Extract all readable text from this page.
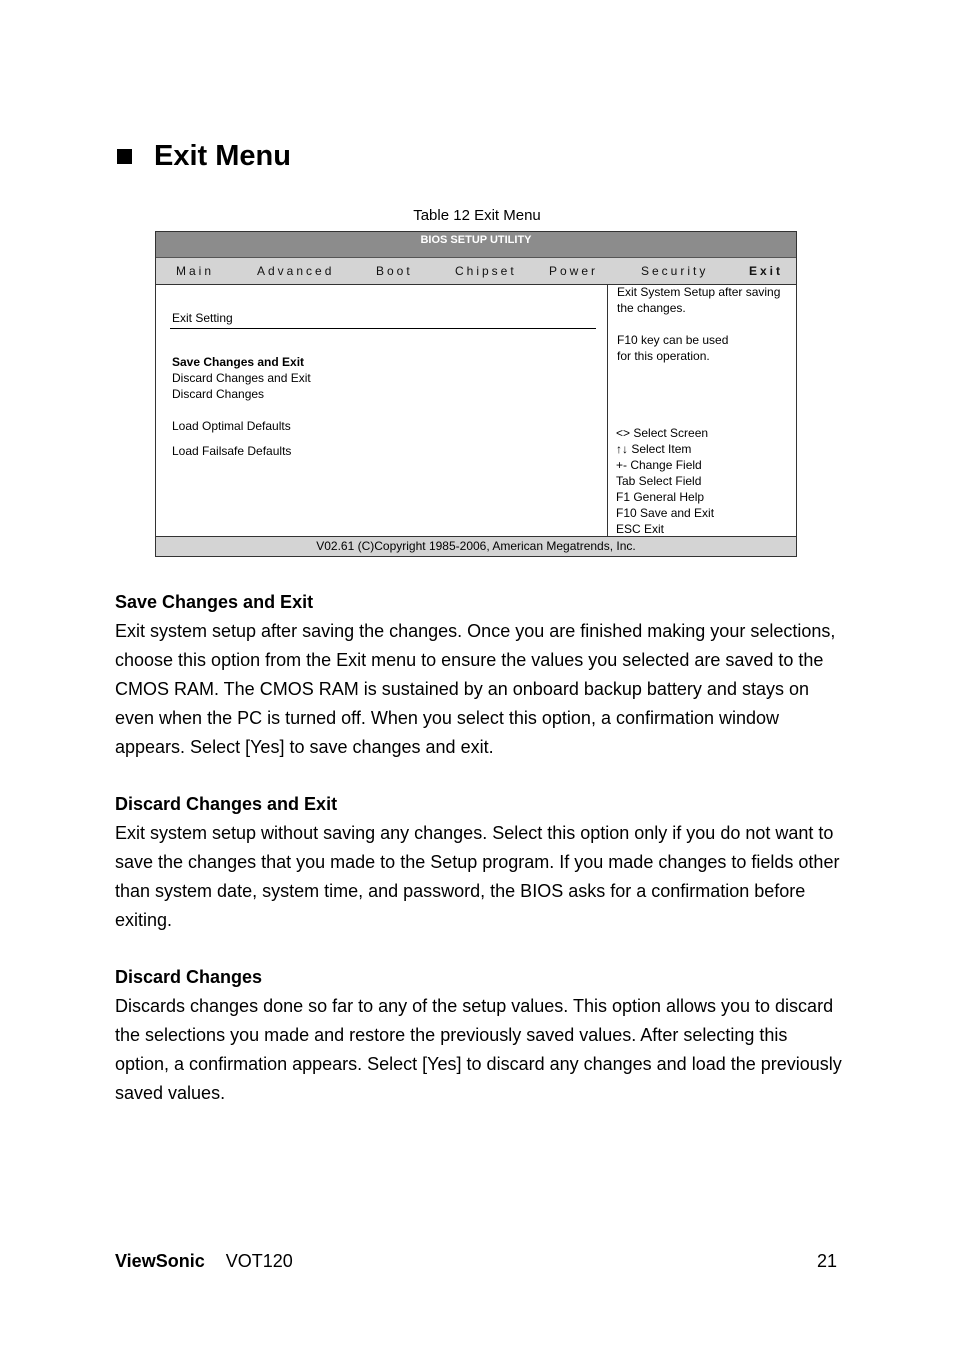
Exit Menu
Table 12 Exit Menu
BIOS SETUP UTILITY
Main	Advanced	Boot	Chipset	Power	Security	Exit
Exit Setting
Save Changes and Exit
Discard Changes and Exit
Discard Changes
Load Optimal Defaults
Load Failsafe Defaults
Exit System Setup after saving
the changes.
F10 key can be used
for this operation.
<> Select Screen
↑↓ Select Item
+- Change Field
Tab Select Field
F1 General Help
F10 Save and Exit
ESC Exit
V02.61 (C)Copyright 1985-2006, American Megatrends, Inc.
Save Changes and Exit

Exit system setup after saving the changes. Once you are finished making your selections, choose this option from the Exit menu to ensure the values you selected are saved to the CMOS RAM. The CMOS RAM is sustained by an onboard backup battery and stays on even when the PC is turned off. When you select this option, a confirmation window appears. Select [Yes] to save changes and exit.

Discard Changes and Exit

Exit system setup without saving any changes. Select this option only if you do not want to save the changes that you made to the Setup program. If you made changes to fields other than system date, system time, and password, the BIOS asks for a confirmation before exiting.

Discard Changes

Discards changes done so far to any of the setup values. This option allows you to discard the selections you made and restore the previously saved values. After selecting this option, a confirmation appears. Select [Yes] to discard any changes and load the previously saved values.

ViewSonic VOT120	21
